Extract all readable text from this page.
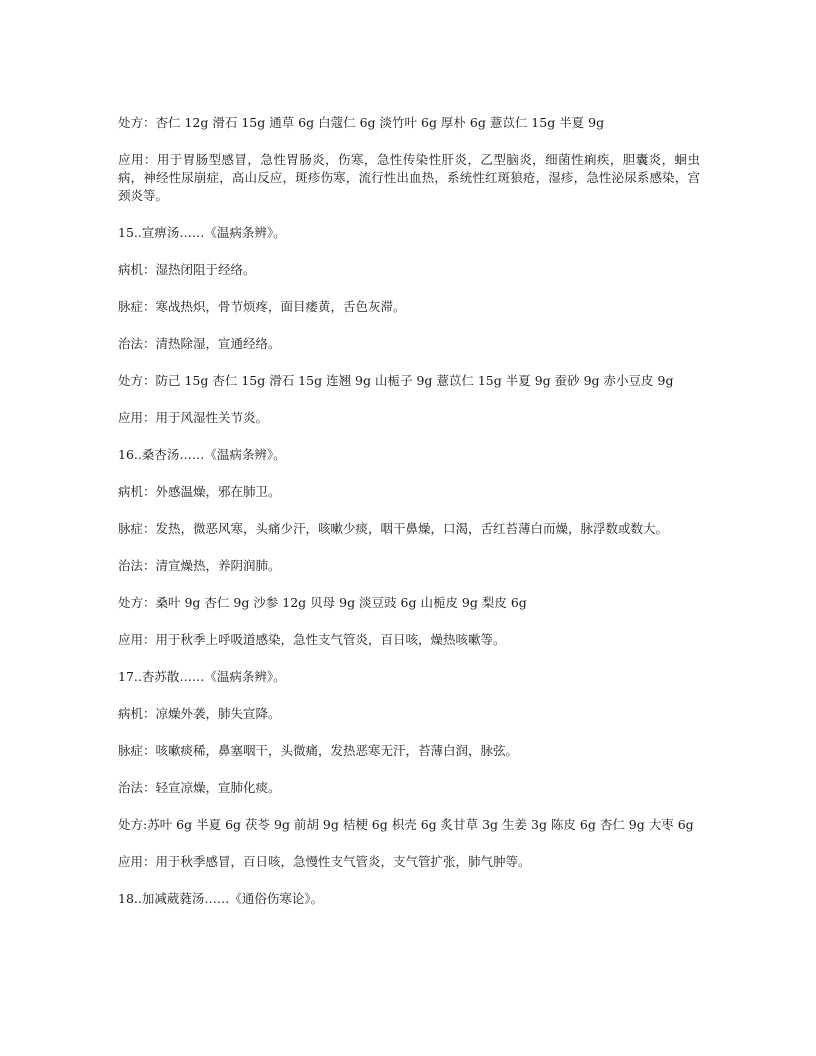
处方：杏仁 12g 滑石 15g 通草 6g 白蔻仁 6g 淡竹叶 6g 厚朴 6g 薏苡仁 15g 半夏 9g

应用：用于胃肠型感冒，急性胃肠炎，伤寒，急性传染性肝炎，乙型脑炎，细菌性痢疾，胆囊炎，蛔虫病，神经性尿崩症，高山反应，斑疹伤寒，流行性出血热，系统性红斑狼疮，湿疹，急性泌尿系感染，宫颈炎等。

15..宣痹汤……《温病条辨》。

病机：湿热闭阻于经络。

脉症：寒战热炽，骨节烦疼，面目痿黄，舌色灰滞。

治法：清热除湿，宣通经络。

处方：防己 15g 杏仁 15g 滑石 15g 连翘 9g 山栀子 9g 薏苡仁 15g 半夏 9g 蚕砂 9g 赤小豆皮 9g

应用：用于风湿性关节炎。

16..桑杏汤……《温病条辨》。

病机：外感温燥，邪在肺卫。

脉症：发热，微恶风寒，头痛少汗，咳嗽少痰，咽干鼻燥，口渴，舌红苔薄白而燥，脉浮数或数大。

治法：清宣燥热，养阴润肺。

处方：桑叶 9g 杏仁 9g 沙参 12g 贝母 9g 淡豆豉 6g 山栀皮 9g 梨皮 6g

应用：用于秋季上呼吸道感染，急性支气管炎，百日咳，燥热咳嗽等。

17..杏苏散……《温病条辨》。

病机：凉燥外袭，肺失宣降。

脉症：咳嗽痰稀，鼻塞咽干，头微痛，发热恶寒无汗，苔薄白润，脉弦。

治法：轻宣凉燥，宣肺化痰。

处方:苏叶 6g 半夏 6g 茯苓 9g 前胡 9g 桔梗 6g 枳壳 6g 炙甘草 3g 生姜 3g 陈皮 6g 杏仁 9g 大枣 6g

应用：用于秋季感冒，百日咳，急慢性支气管炎，支气管扩张，肺气肿等。

18..加减葳蕤汤……《通俗伤寒论》。
